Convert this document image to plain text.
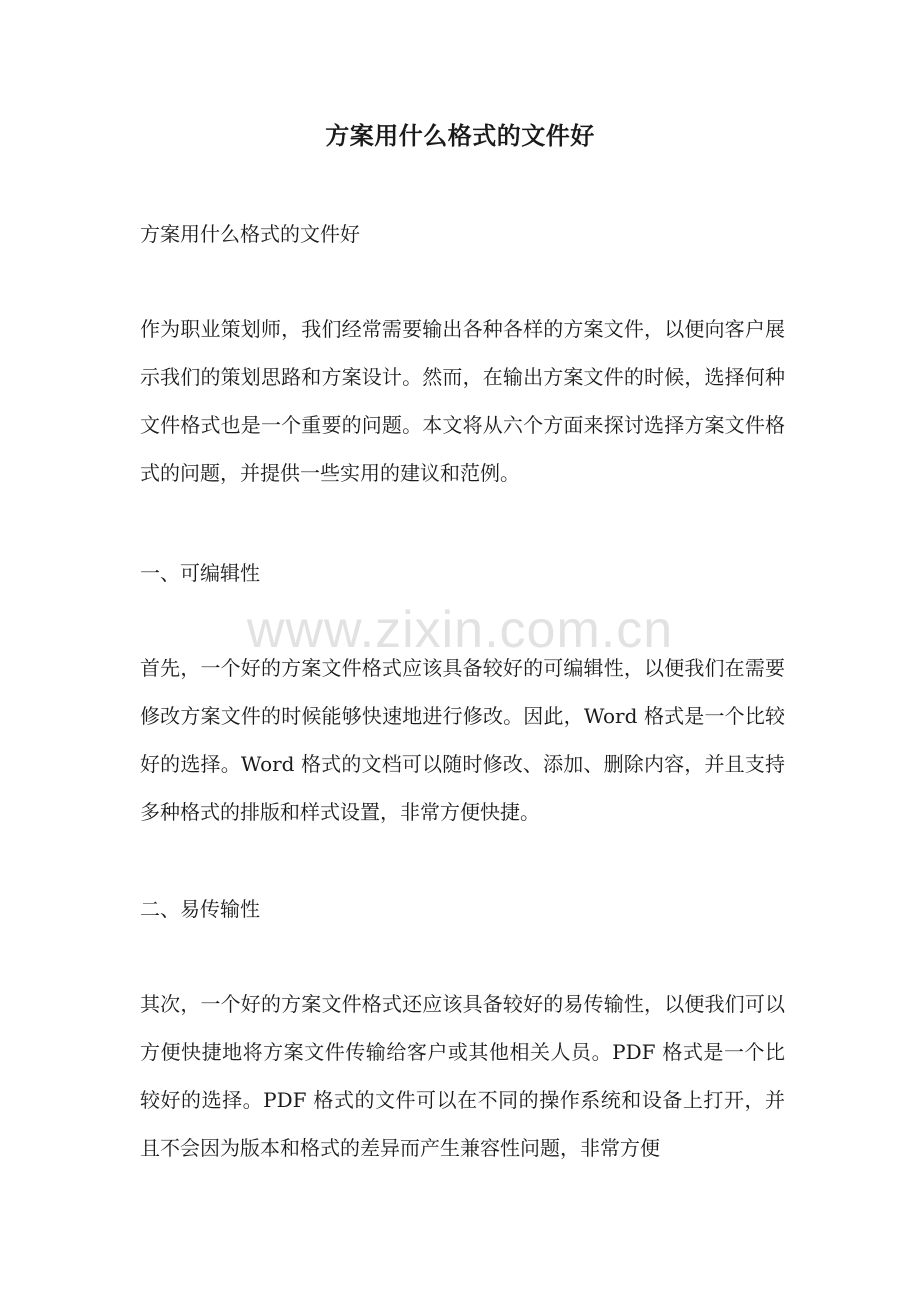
www.zixin.com.cn
方案用什么格式的文件好
方案用什么格式的文件好
作为职业策划师，我们经常需要输出各种各样的方案文件，以便向客户展示我们的策划思路和方案设计。然而，在输出方案文件的时候，选择何种文件格式也是一个重要的问题。本文将从六个方面来探讨选择方案文件格式的问题，并提供一些实用的建议和范例。
一、可编辑性
首先，一个好的方案文件格式应该具备较好的可编辑性，以便我们在需要修改方案文件的时候能够快速地进行修改。因此，Word 格式是一个比较好的选择。Word 格式的文档可以随时修改、添加、删除内容，并且支持多种格式的排版和样式设置，非常方便快捷。
二、易传输性
其次，一个好的方案文件格式还应该具备较好的易传输性，以便我们可以方便快捷地将方案文件传输给客户或其他相关人员。PDF 格式是一个比较好的选择。PDF 格式的文件可以在不同的操作系统和设备上打开，并且不会因为版本和格式的差异而产生兼容性问题，非常方便
